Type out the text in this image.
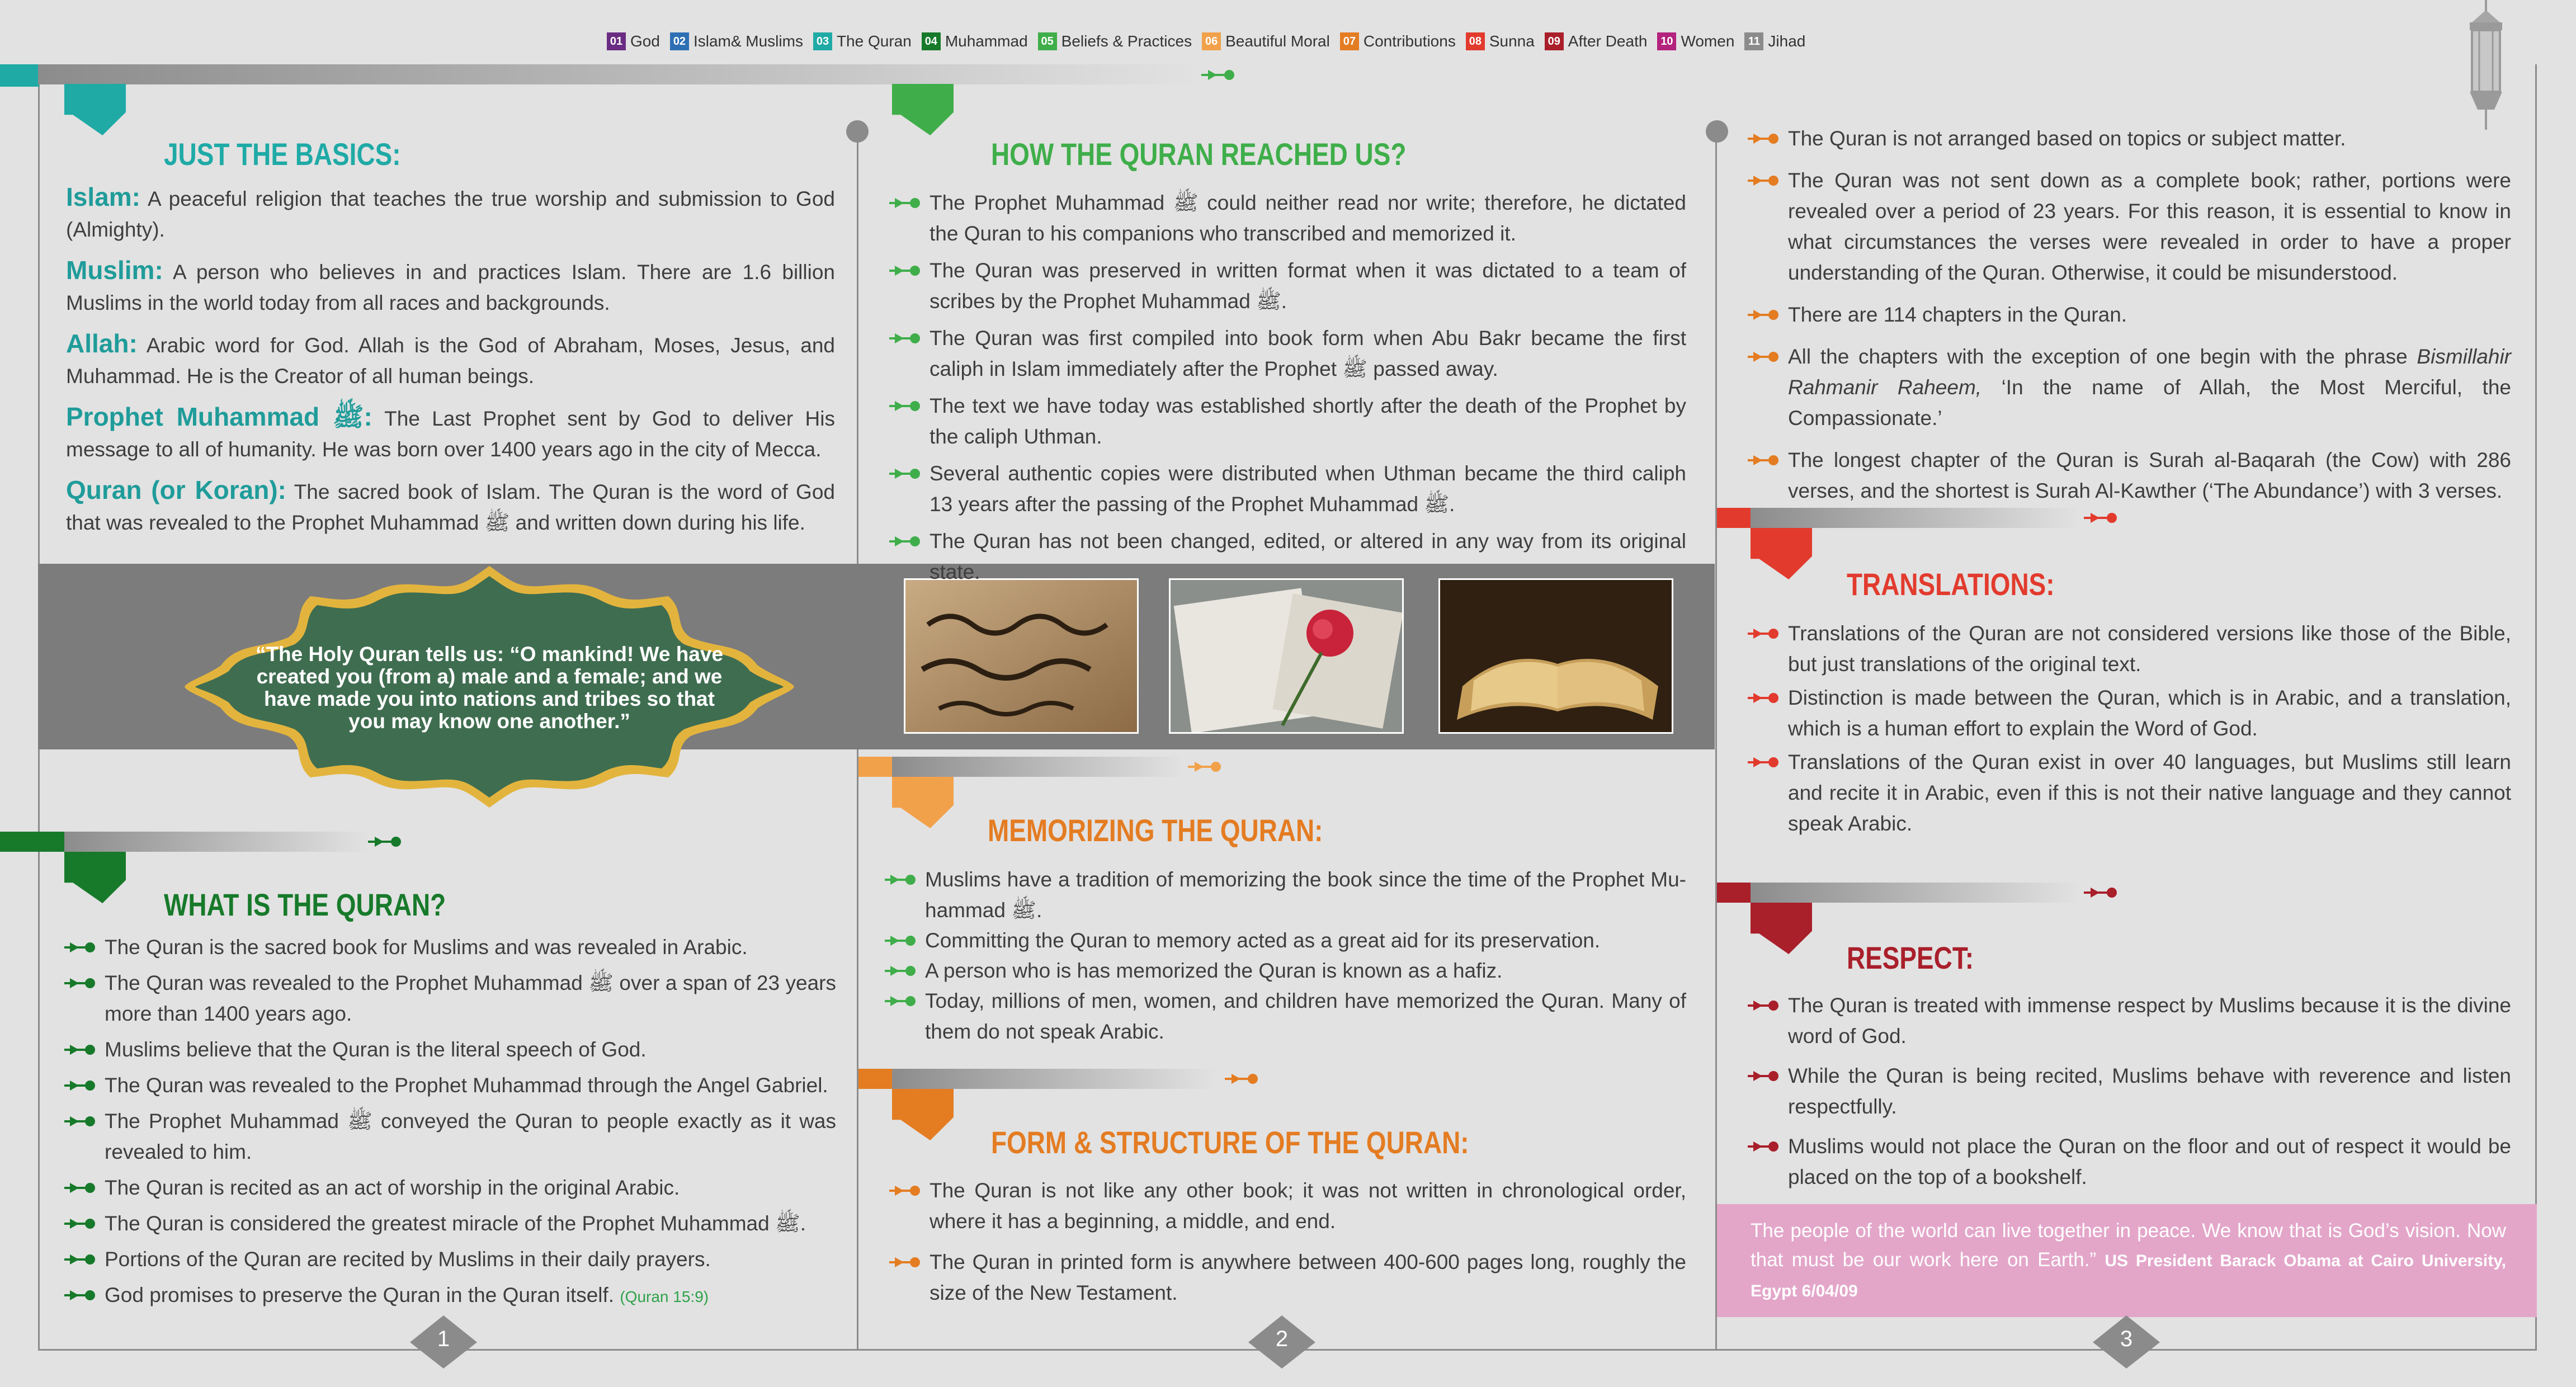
01 God 02 Islam& Muslims 03 The Quran 04 Muhammad 05 Beliefs & Practices 06 Beautiful Moral 07 Contributions 08 Sunna 09 After Death 10 Women	11 Jihad
JUST THE BASICS:
Islam: A peaceful religion that teaches the true worship and submission to God (Almighty).
Muslim: A person who believes in and practices Islam. There are 1.6 billion Muslims in the world today from all races and backgrounds.
Allah: Arabic word for God. Allah is the God of Abraham, Moses, Jesus, and Muhammad. He is the Creator of all human beings.
Prophet Muhammad ﷺ: The Last Prophet sent by God to deliver His message to all of humanity. He was born over 1400 years ago in the city of Mecca.
Quran (or Koran): The sacred book of Islam. The Quran is the word of God that was revealed to the Prophet Muhammad ﷺ and written down during his life.
“The Holy Quran tells us: “O mankind! We have created you (from a) male and a female; and we have made you into nations and tribes so that you may know one another.”
WHAT IS THE QURAN?
The Quran is the sacred book for Muslims and was revealed in Arabic.
The Quran was revealed to the Prophet Muhammad ﷺ over a span of 23 years more than 1400 years ago.
Muslims believe that the Quran is the literal speech of God.
The Quran was revealed to the Prophet Muhammad through the Angel Gabriel.
The Prophet Muhammad ﷺ conveyed the Quran to people exactly as it was revealed to him.
The Quran is recited as an act of worship in the original Arabic.
The Quran is considered the greatest miracle of the Prophet Muhammad ﷺ.
Portions of the Quran are recited by Muslims in their daily prayers.
God promises to preserve the Quran in the Quran itself. (Quran 15:9)
HOW THE QURAN REACHED US?
The Prophet Muhammad ﷺ could neither read nor write; therefore, he dictated the Quran to his companions who transcribed and memorized it.
The Quran was preserved in written format when it was dictated to a team of scribes by the Prophet Muhammad ﷺ.
The Quran was first compiled into book form when Abu Bakr became the first caliph in Islam immediately after the Prophet ﷺ passed away.
The text we have today was established shortly after the death of the Prophet by the caliph Uthman.
Several authentic copies were distributed when Uthman became the third caliph 13 years after the passing of the Prophet Muhammad ﷺ.
The Quran has not been changed, edited, or altered in any way from its original state.
MEMORIZING THE QURAN:
Muslims have a tradition of memorizing the book since the time of the Prophet Mu-hammad ﷺ.
Committing the Quran to memory acted as a great aid for its preservation.
A person who is has memorized the Quran is known as a hafiz.
Today, millions of men, women, and children have memorized the Quran. Many of them do not speak Arabic.
FORM & STRUCTURE OF THE QURAN:
The Quran is not like any other book; it was not written in chronological order, where it has a beginning, a middle, and end.
The Quran in printed form is anywhere between 400-600 pages long, roughly the size of the New Testament.
The Quran is not arranged based on topics or subject matter.
The Quran was not sent down as a complete book; rather, portions were revealed over a period of 23 years. For this reason, it is essential to know in what circumstances the verses were revealed in order to have a proper understanding of the Quran. Otherwise, it could be misunderstood.
There are 114 chapters in the Quran.
All the chapters with the exception of one begin with the phrase Bismillahir Rahmanir Raheem, ‘In the name of Allah, the Most Merciful, the Compassionate.’
The longest chapter of the Quran is Surah al-Baqarah (the Cow) with 286 verses, and the shortest is Surah Al-Kawther (‘The Abundance’) with 3 verses.
TRANSLATIONS:
Translations of the Quran are not considered versions like those of the Bible, but just translations of the original text.
Distinction is made between the Quran, which is in Arabic, and a translation, which is a human effort to explain the Word of God.
Translations of the Quran exist in over 40 languages, but Muslims still learn and recite it in Arabic, even if this is not their native language and they cannot speak Arabic.
RESPECT:
The Quran is treated with immense respect by Muslims because it is the divine word of God.
While the Quran is being recited, Muslims behave with reverence and listen respectfully.
Muslims would not place the Quran on the floor and out of respect it would be placed on the top of a bookshelf.
The people of the world can live together in peace. We know that is God’s vision. Now that must be our work here on Earth.” US President Barack Obama at Cairo University, Egypt 6/04/09
1	2	3
